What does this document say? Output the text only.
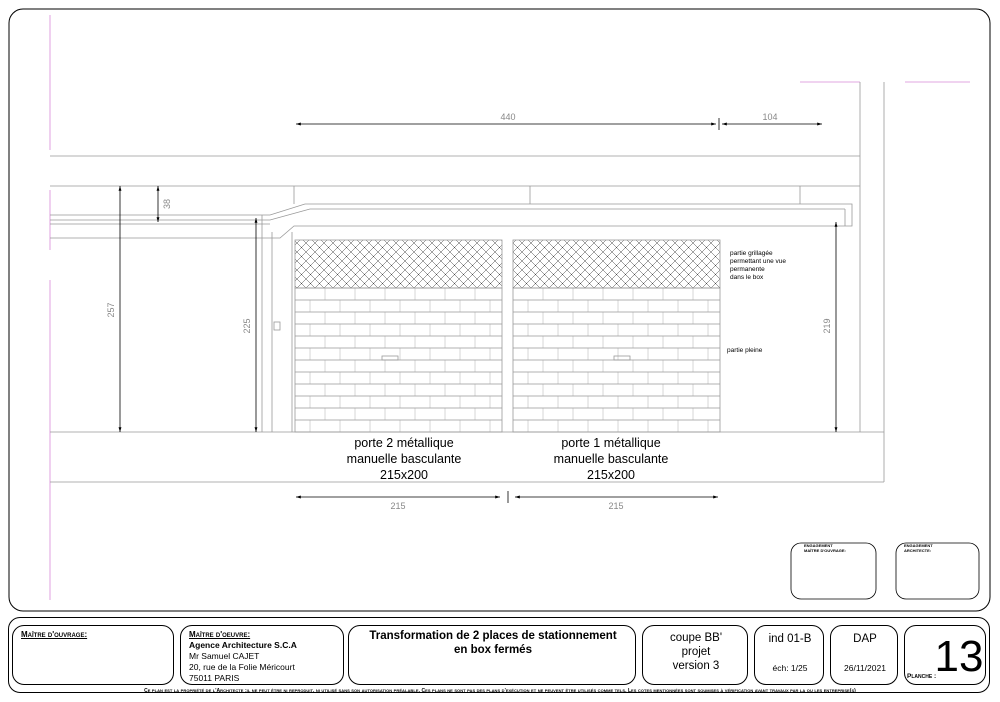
440	104
257
38
225	219
215	215
porte 2 métallique
manuelle basculante
215x200
porte 1 métallique
manuelle basculante
215x200
partie grillagée
permettant une vue
permanente
dans le box
partie pleine
ENGAGEMENT
MAÎTRE D'OUVRAGE:
ENGAGEMENT
ARCHITECTE:
Maître d'ouvrage:	Maître d'oeuvre:
Agence Architecture S.C.A
Mr Samuel CAJET
20, rue de la Folie Méricourt
75011 PARIS
Transformation de 2 places de stationnement
en box fermés
coupe BB'
projet
version 3
ind 01-B
éch: 1/25
DAP
26/11/2021
Planche :
13
Ce plan est la propriété de l'Architecte :il ne peut être ni reproduit, ni utilisé sans son autorisation préalable. Ces plans ne sont pas des plans d'exécution et ne peuvent être utilisés comme tels. Les cotes mentionnées sont soumises à vérification avant travaux par la ou les entreprise(s)
